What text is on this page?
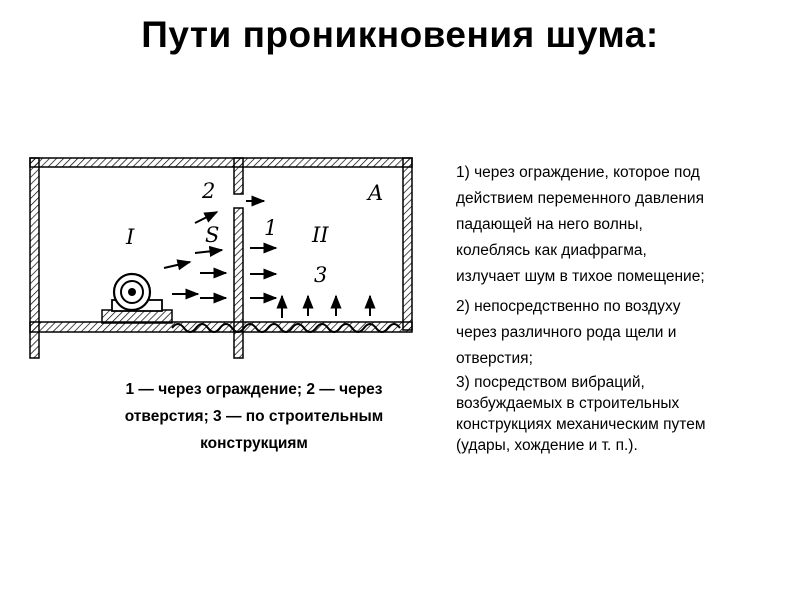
Пути проникновения шума:
A
I	II
1
2
3
S
1 — через ограждение; 2 — через
отверстия; 3 — по строительным
конструкциям
1) через ограждение, которое под
действием переменного давления
падающей на него волны,
колеблясь как диафрагма,
излучает шум в тихое помещение;
2) непосредственно по воздуху
через различного рода щели и
отверстия;
3) посредством вибраций,
возбуждаемых в строительных
конструкциях механическим путем
(удары, хождение и т. п.).
